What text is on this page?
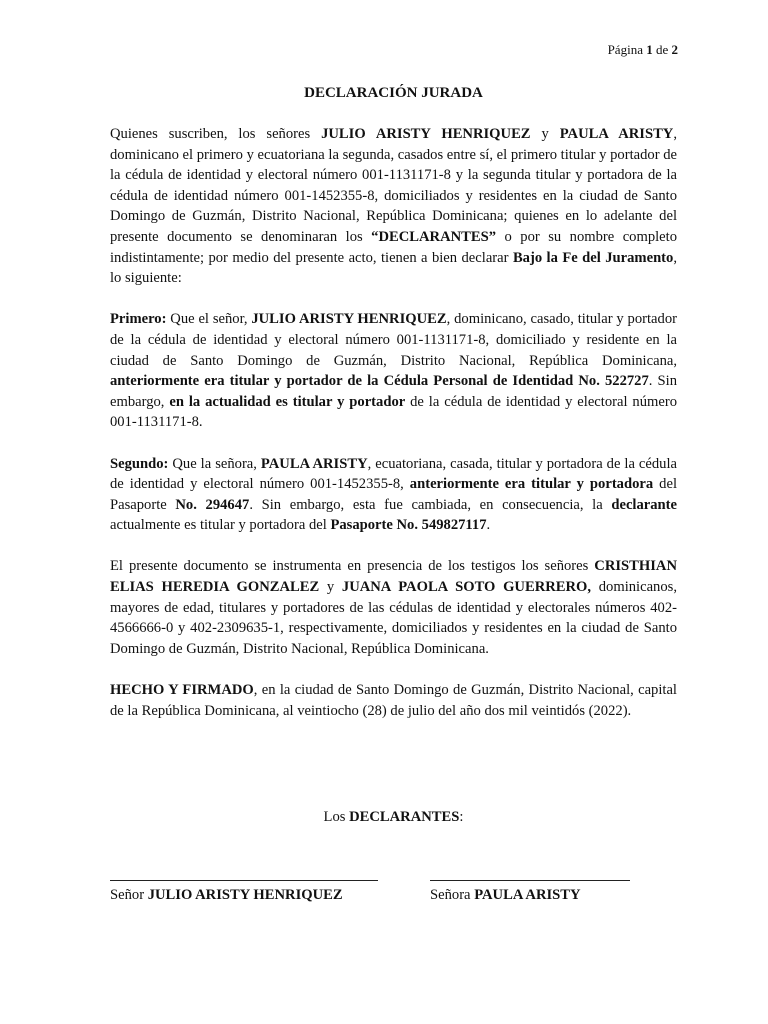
Página 1 de 2
DECLARACIÓN JURADA

Quienes suscriben, los señores JULIO ARISTY HENRIQUEZ y PAULA ARISTY, dominicano el primero y ecuatoriana la segunda, casados entre sí, el primero titular y portador de la cédula de identidad y electoral número 001-1131171-8 y la segunda titular y portadora de la cédula de identidad número 001-1452355-8, domiciliados y residentes en la ciudad de Santo Domingo de Guzmán, Distrito Nacional, República Dominicana; quienes en lo adelante del presente documento se denominaran los “DECLARANTES” o por su nombre completo indistintamente; por medio del presente acto, tienen a bien declarar Bajo la Fe del Juramento, lo siguiente:

Primero: Que el señor, JULIO ARISTY HENRIQUEZ, dominicano, casado, titular y portador de la cédula de identidad y electoral número 001-1131171-8, domiciliado y residente en la ciudad de Santo Domingo de Guzmán, Distrito Nacional, República Dominicana, anteriormente era titular y portador de la Cédula Personal de Identidad No. 522727. Sin embargo, en la actualidad es titular y portador de la cédula de identidad y electoral número 001-1131171-8.

Segundo: Que la señora, PAULA ARISTY, ecuatoriana, casada, titular y portadora de la cédula de identidad y electoral número 001-1452355-8, anteriormente era titular y portadora del Pasaporte No. 294647. Sin embargo, esta fue cambiada, en consecuencia, la declarante actualmente es titular y portadora del Pasaporte No. 549827117.

El presente documento se instrumenta en presencia de los testigos los señores CRISTHIAN ELIAS HEREDIA GONZALEZ y JUANA PAOLA SOTO GUERRERO, dominicanos, mayores de edad, titulares y portadores de las cédulas de identidad y electorales números 402-4566666-0 y 402-2309635-1, respectivamente, domiciliados y residentes en la ciudad de Santo Domingo de Guzmán, Distrito Nacional, República Dominicana.

HECHO Y FIRMADO, en la ciudad de Santo Domingo de Guzmán, Distrito Nacional, capital de la República Dominicana, al veintiocho (28) de julio del año dos mil veintidós (2022).

Los DECLARANTES:
Señor JULIO ARISTY HENRIQUEZ	Señora PAULA ARISTY
